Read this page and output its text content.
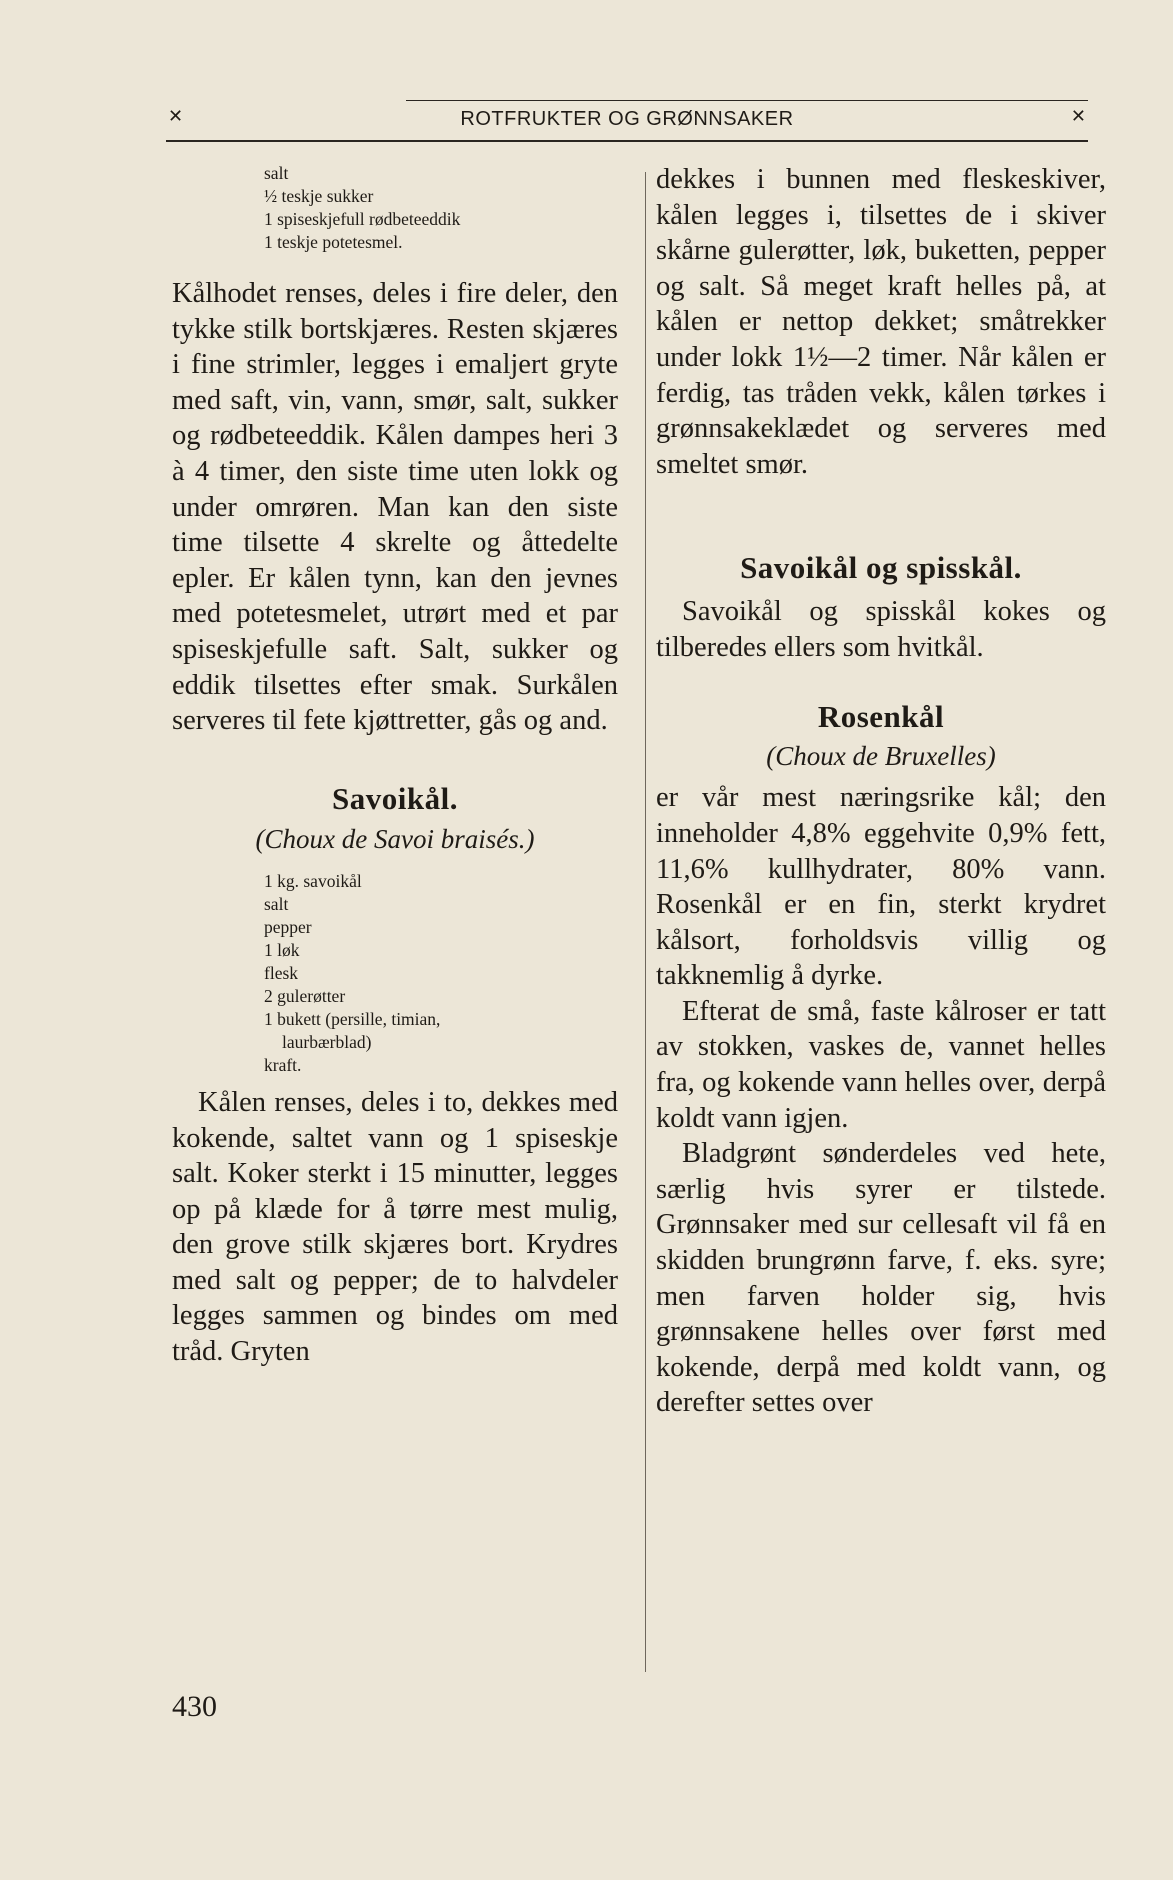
✕	ROTFRUKTER OG GRØNNSAKER	✕
salt
½ teskje sukker
1 spiseskjefull rødbeteeddik
1 teskje potetesmel.

Kålhodet renses, deles i fire deler, den tykke stilk bortskjæres. Resten skjæres i fine strimler, legges i emaljert gryte med saft, vin, vann, smør, salt, sukker og rødbeteeddik. Kålen dampes heri 3 à 4 timer, den siste time uten lokk og under omrøren. Man kan den siste time tilsette 4 skrelte og åttedelte epler. Er kålen tynn, kan den jevnes med potetesmelet, utrørt med et par spiseskjefulle saft. Salt, sukker og eddik tilsettes efter smak. Surkålen serveres til fete kjøttretter, gås og and.

Savoikål.
(Choux de Savoi braisés.)
1 kg. savoikål
salt
pepper
1 løk
flesk
2 gulerøtter
1 bukett (persille, timian,
laurbærblad)
kraft.

Kålen renses, deles i to, dekkes med kokende, saltet vann og 1 spiseskje salt. Koker sterkt i 15 minutter, legges op på klæde for å tørre mest mulig, den grove stilk skjæres bort. Krydres med salt og pepper; de to halvdeler legges sammen og bindes om med tråd. Gryten

dekkes i bunnen med fleskeskiver, kålen legges i, tilsettes de i skiver skårne gulerøtter, løk, buketten, pepper og salt. Så meget kraft helles på, at kålen er nettop dekket; småtrekker under lokk 1½—2 timer. Når kålen er ferdig, tas tråden vekk, kålen tørkes i grønnsakeklædet og serveres med smeltet smør.

Savoikål og spisskål.

Savoikål og spisskål kokes og tilberedes ellers som hvitkål.

Rosenkål
(Choux de Bruxelles)

er vår mest næringsrike kål; den inneholder 4,8% eggehvite 0,9% fett, 11,6% kullhydrater, 80% vann. Rosenkål er en fin, sterkt krydret kålsort, forholdsvis villig og takknemlig å dyrke.

Efterat de små, faste kålroser er tatt av stokken, vaskes de, vannet helles fra, og kokende vann helles over, derpå koldt vann igjen.

Bladgrønt sønderdeles ved hete, særlig hvis syrer er tilstede. Grønnsaker med sur cellesaft vil få en skidden brungrønn farve, f. eks. syre; men farven holder sig, hvis grønnsakene helles over først med kokende, derpå med koldt vann, og derefter settes over

430
